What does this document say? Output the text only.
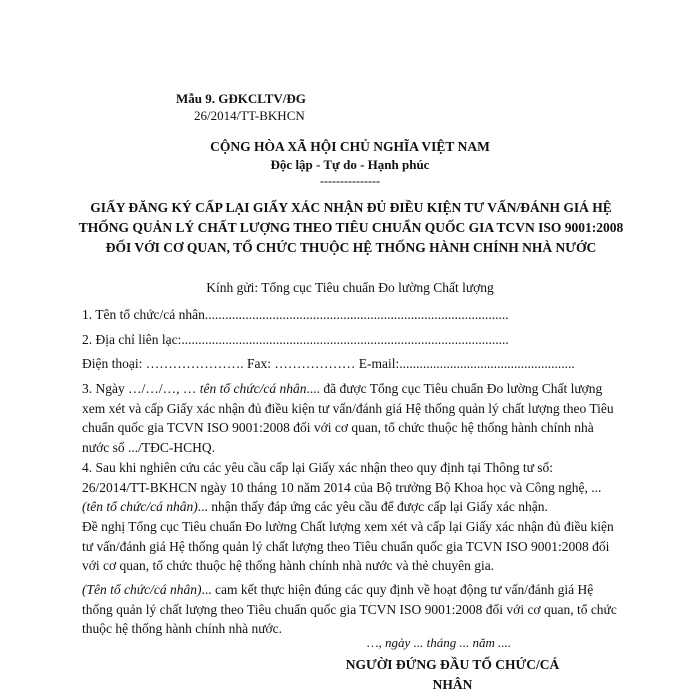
Mẫu 9. GĐKCLTV/ĐG
26/2014/TT-BKHCN
CỘNG HÒA XÃ HỘI CHỦ NGHĨA VIỆT NAM
Độc lập - Tự do - Hạnh phúc
---------------
GIẤY ĐĂNG KÝ CẤP LẠI GIẤY XÁC NHẬN ĐỦ ĐIỀU KIỆN TƯ VẤN/ĐÁNH GIÁ HỆ THỐNG QUẢN LÝ CHẤT LƯỢNG THEO TIÊU CHUẨN QUỐC GIA TCVN ISO 9001:2008 ĐỐI VỚI CƠ QUAN, TỔ CHỨC THUỘC HỆ THỐNG HÀNH CHÍNH NHÀ NƯỚC
Kính gửi: Tổng cục Tiêu chuẩn Đo lường Chất lượng
1. Tên tổ chức/cá nhân..........................................................................................
2. Địa chỉ liên lạc:.................................................................................................
Điện thoại: …………………. Fax: ……………… E-mail:....................................................
3. Ngày …/…/…, … tên tổ chức/cá nhân.... đã được Tổng cục Tiêu chuẩn Đo lường Chất lượng xem xét và cấp Giấy xác nhận đủ điều kiện tư vấn/đánh giá Hệ thống quản lý chất lượng theo Tiêu chuẩn quốc gia TCVN ISO 9001:2008 đối với cơ quan, tổ chức thuộc hệ thống hành chính nhà nước số .../TĐC-HCHQ.
4. Sau khi nghiên cứu các yêu cầu cấp lại Giấy xác nhận theo quy định tại Thông tư số: 26/2014/TT-BKHCN ngày 10 tháng 10 năm 2014 của Bộ trưởng Bộ Khoa học và Công nghệ, ... (tên tổ chức/cá nhân)... nhận thấy đáp ứng các yêu cầu để được cấp lại Giấy xác nhận.
Đề nghị Tổng cục Tiêu chuẩn Đo lường Chất lượng xem xét và cấp lại Giấy xác nhận đủ điều kiện tư vấn/đánh giá Hệ thống quản lý chất lượng theo Tiêu chuẩn quốc gia TCVN ISO 9001:2008 đối với cơ quan, tổ chức thuộc hệ thống hành chính nhà nước và thẻ chuyên gia.
(Tên tổ chức/cá nhân)... cam kết thực hiện đúng các quy định về hoạt động tư vấn/đánh giá Hệ thống quản lý chất lượng theo Tiêu chuẩn quốc gia TCVN ISO 9001:2008 đối với cơ quan, tổ chức thuộc hệ thống hành chính nhà nước.
…, ngày ... tháng ... năm ....
NGƯỜI ĐỨNG ĐẦU TỔ CHỨC/CÁ NHÂN
